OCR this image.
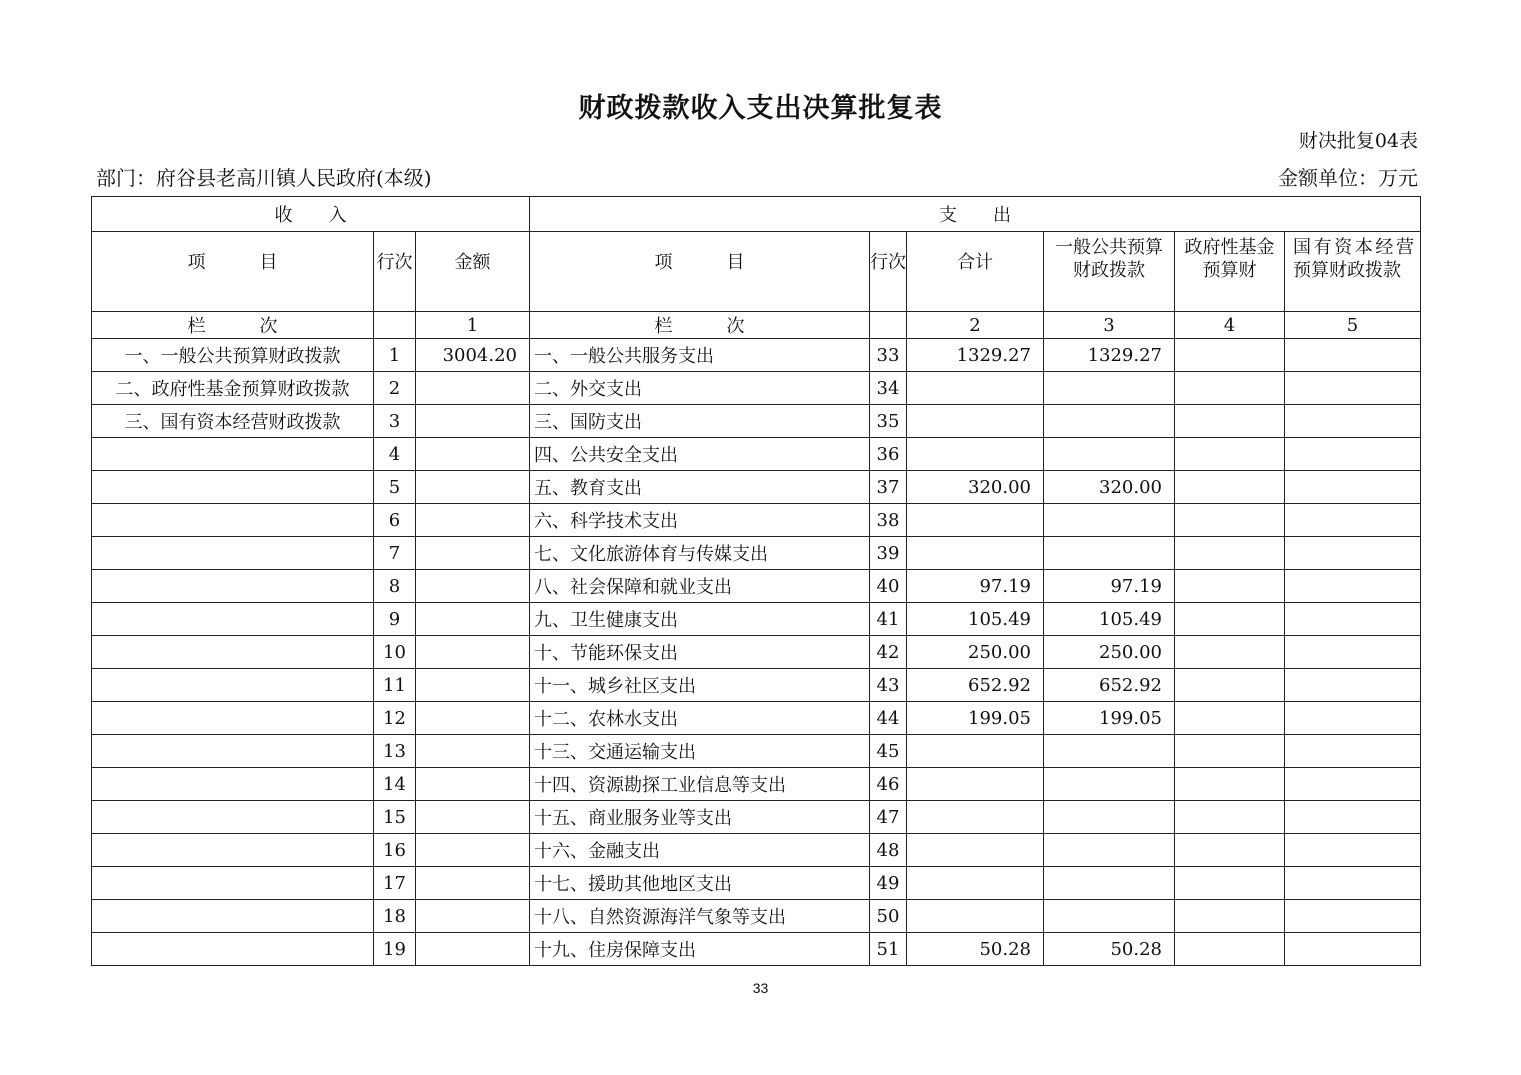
财政拨款收入支出决算批复表
财决批复04表
部门：府谷县老高川镇人民政府(本级)	金额单位：万元
收　　入			支　　出					
项　　　目	行次	金额	项　　　目	行次	合计	一般公共预算财政拨款	政府性基金预算财	国有资本经营预算财政拨款
栏　　　次		1	栏　　　次		2	3	4	5
一、一般公共预算财政拨款	1	3004.20	一、一般公共服务支出	33	1329.27	1329.27		
二、政府性基金预算财政拨款	2		二、外交支出	34				
三、国有资本经营财政拨款	3		三、国防支出	35				
	4		四、公共安全支出	36				
	5		五、教育支出	37	320.00	320.00		
	6		六、科学技术支出	38				
	7		七、文化旅游体育与传媒支出	39				
	8		八、社会保障和就业支出	40	97.19	97.19		
	9		九、卫生健康支出	41	105.49	105.49		
	10		十、节能环保支出	42	250.00	250.00		
	11		十一、城乡社区支出	43	652.92	652.92		
	12		十二、农林水支出	44	199.05	199.05		
	13		十三、交通运输支出	45				
	14		十四、资源勘探工业信息等支出	46				
	15		十五、商业服务业等支出	47				
	16		十六、金融支出	48				
	17		十七、援助其他地区支出	49				
	18		十八、自然资源海洋气象等支出	50				
	19		十九、住房保障支出	51	50.28	50.28		
33
